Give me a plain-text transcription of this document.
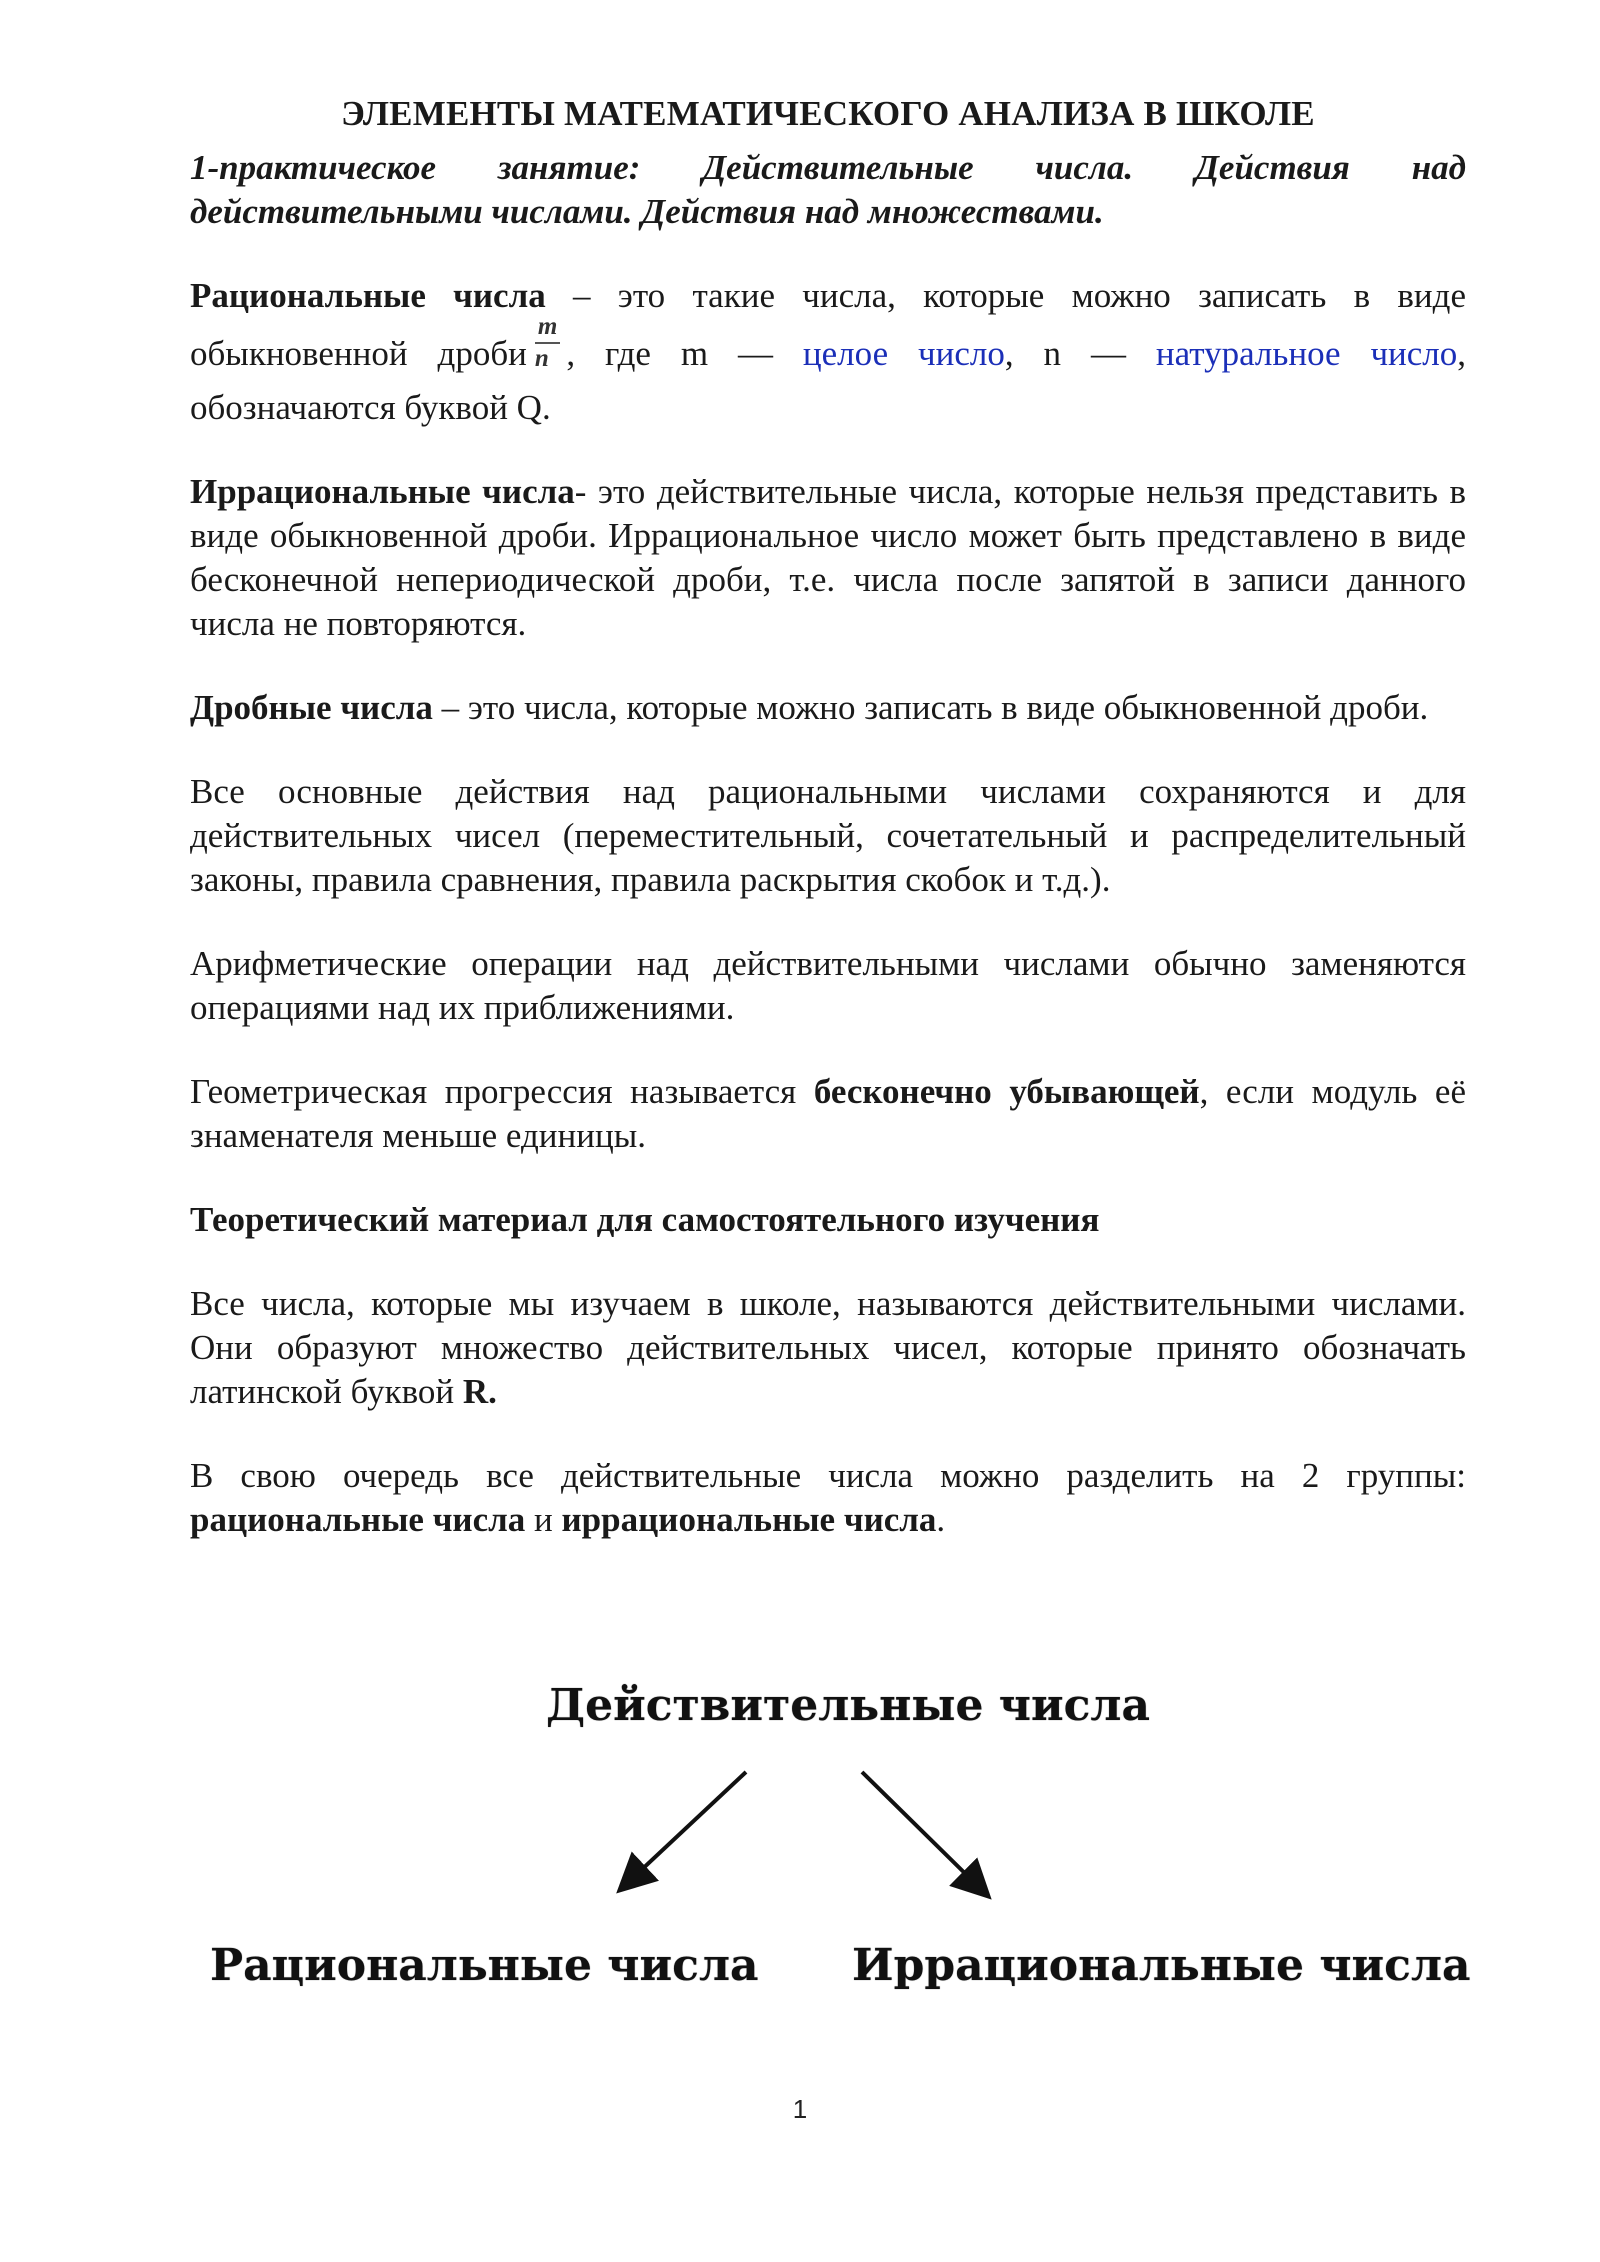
ЭЛЕМЕНТЫ МАТЕМАТИЧЕСКОГО АНАЛИЗА В ШКОЛЕ
1-практическое занятие: Действительные числа. Действия над действительными числами. Действия над множествами.

Рациональные числа – это такие числа, которые можно записать в виде
обыкновенной дроби $\frac{m}{n}$ , где m — целое число, n — натуральное число, обозначаются буквой Q.

Иррациональные числа- это действительные числа, которые нельзя представить в виде обыкновенной дроби. Иррациональное число может быть представлено в виде бесконечной непериодической дроби, т.е. числа после запятой в записи данного числа не повторяются.

Дробные числа – это числа, которые можно записать в виде обыкновенной дроби.

Все основные действия над рациональными числами сохраняются и для действительных чисел (переместительный, сочетательный и распределительный законы, правила сравнения, правила раскрытия скобок и т.д.).

Арифметические операции над действительными числами обычно заменяются операциями над их приближениями.

Геометрическая прогрессия называется бесконечно убывающей, если модуль её знаменателя меньше единицы.

Теоретический материал для самостоятельного изучения

Все числа, которые мы изучаем в школе, называются действительными числами. Они образуют множество действительных чисел, которые принято обозначать латинской буквой R.

В свою очередь все действительные числа можно разделить на 2 группы: рациональные числа и иррациональные числа.

Действительные числа
Рациональные числа Иррациональные числа
1
